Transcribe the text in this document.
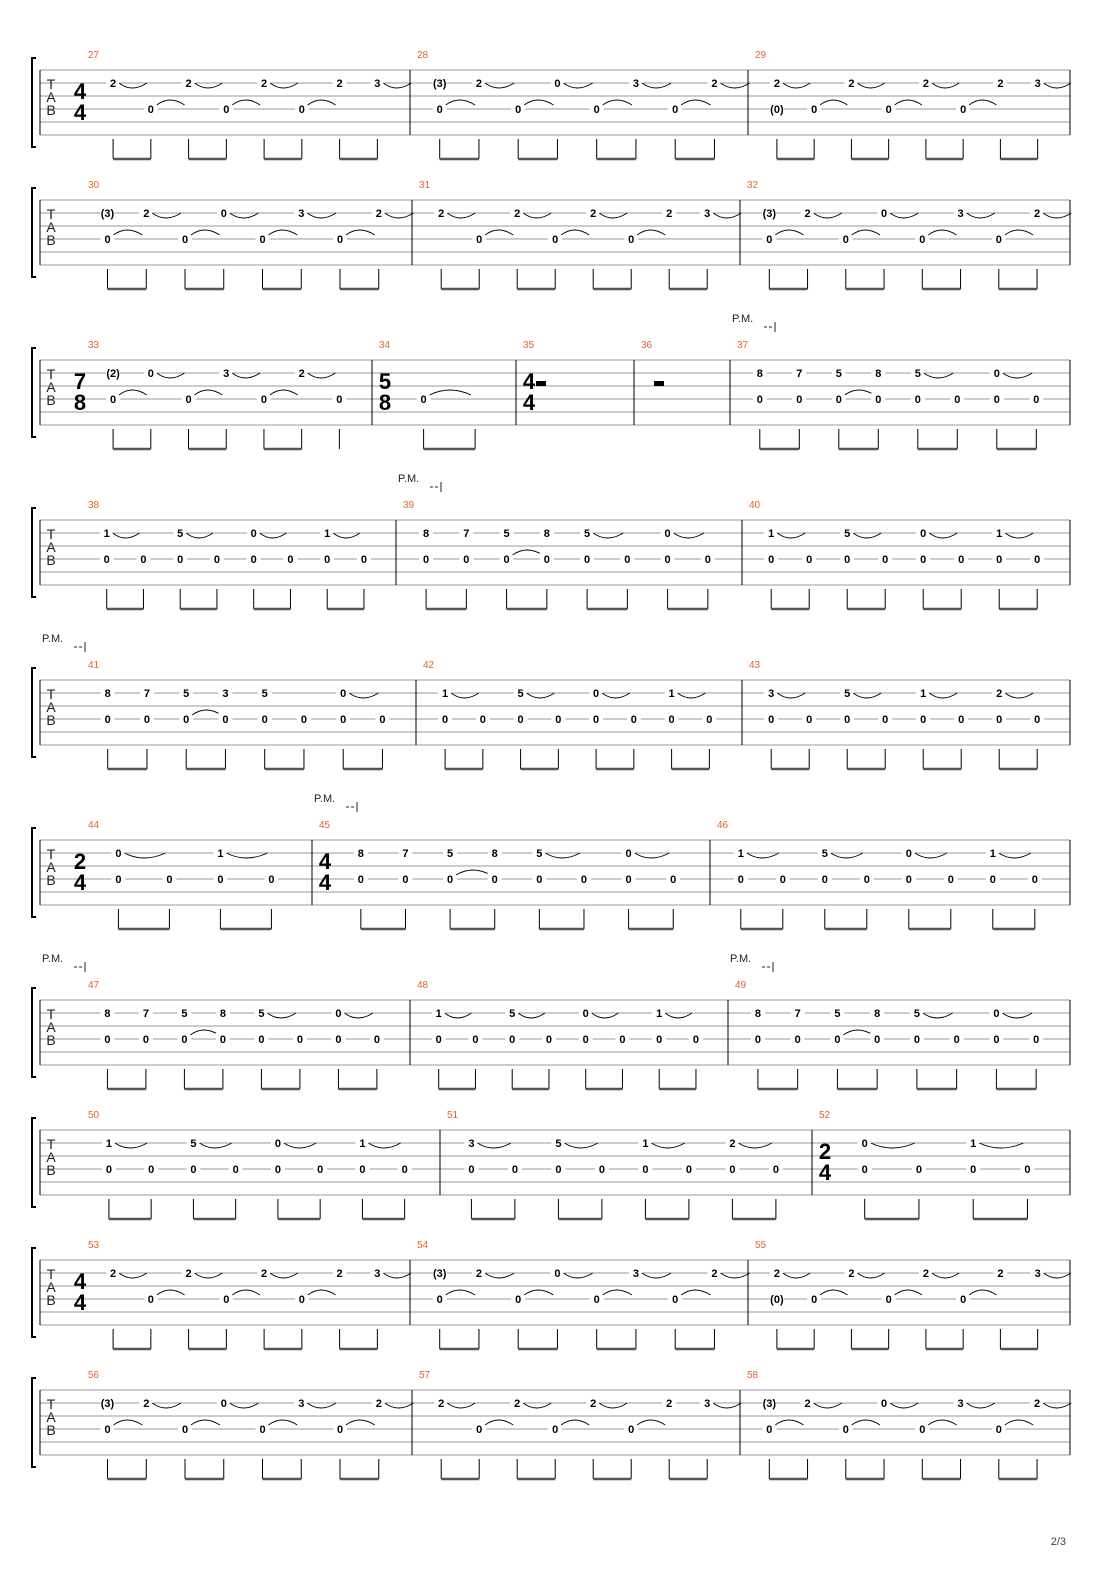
T
A
B
27
4
4
2
0
2
0
2
0
2	3
28
(3)
0
2
0
0
0
3
0
2
29
2
(0) 0
2
0
2
0
2	3
T
A
B
30
(3)
0
2
0
0
0
3
0
2
31
2
0
2
0
2
0
2	3
32
(3)
0
2
0
0
0
3
0
2
T
A
B
33
7
8
(2)
0
0
0
3
0
2
0
34
5
8	0
35
4
4
36	37
P.M.
8
0
7
0
5
0
8
0
5
0	0
0
0	0
T
A
B
38
1
0	0
5
0	0
0
0	0
1
0	0
39
P.M.
8
0
7
0
5
0
8
0
5
0	0
0
0	0
40
1
0	0
5
0	0
0
0	0
1
0	0
T
A
B
41
P.M.
8
0
7
0
5
0
3
0
5
0	0
0
0	0
42
1
0	0
5
0	0
0
0	0
1
0	0
43
3
0	0
5
0	0
1
0	0
2
0	0
T
A
B
44
2
4
0
0	0
1
0	0
45
4
4
P.M.
8
0
7
0
5
0
8
0
5
0	0
0
0	0
46
1
0	0
5
0	0
0
0	0
1
0	0
T
A
B
47
P.M.
8
0
7
0
5
0
8
0
5
0	0
0
0	0
48
1
0	0
5
0	0
0
0	0
1
0	0
49
P.M.
8
0
7
0
5
0
8
0
5
0	0
0
0	0
T
A
B
50
1
0	0
5
0	0
0
0	0
1
0	0
51
3
0	0
5
0	0
1
0	0
2
0	0
52
2
4
0
0	0
1
0	0
T
A
B
53
4
4
2
0
2
0
2
0
2	3
54
(3)
0
2
0
0
0
3
0
2
55
2
(0) 0
2
0
2
0
2	3
T
A
B
56
(3)
0
2
0
0
0
3
0
2
57
2
0
2
0
2
0
2	3
58
(3)
0
2
0
0
0
3
0
2
2/3
